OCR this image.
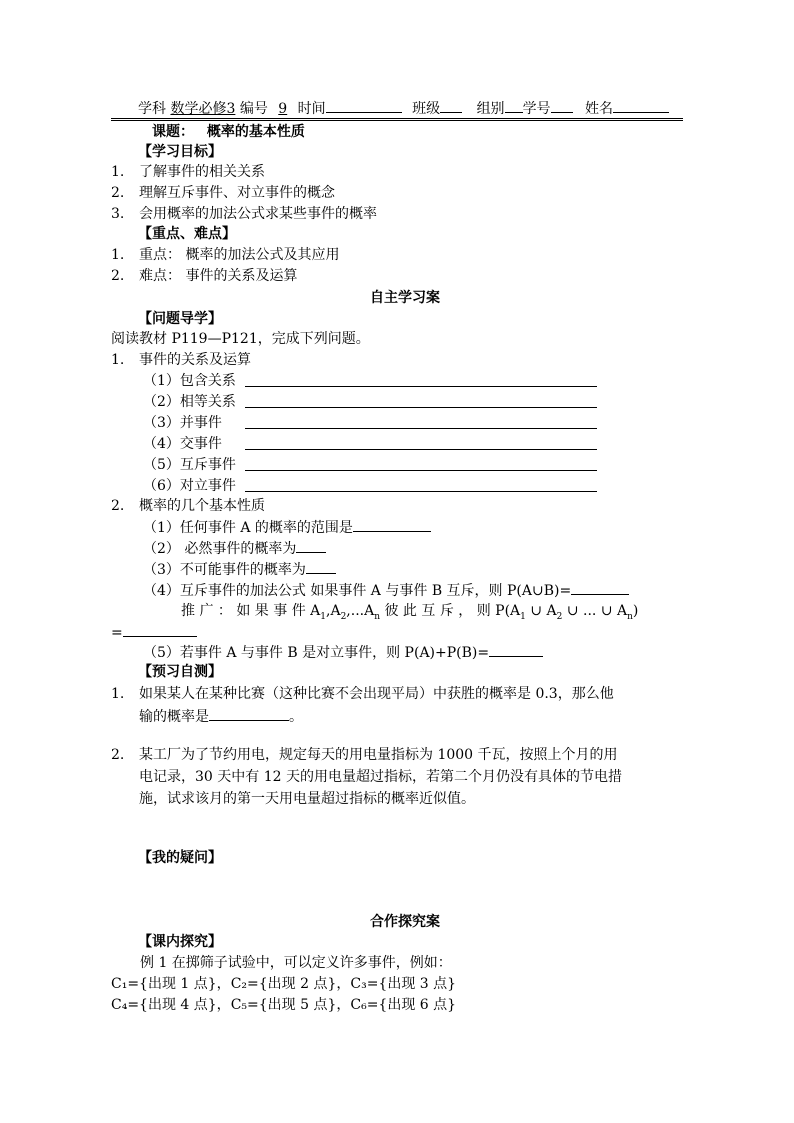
学科 数学必修3 编号 9 时间	班级	组别 学号 姓名
课题： 概率的基本性质
【学习目标】
1. 了解事件的相关关系
2. 理解互斥事件、对立事件的概念
3. 会用概率的加法公式求某些事件的概率
【重点、难点】
1. 重点： 概率的加法公式及其应用
2. 难点： 事件的关系及运算
自主学习案
【问题导学】
阅读教材 P119—P121，完成下列问题。
1. 事件的关系及运算
（1）包含关系
（2）相等关系
（3）并事件
（4）交事件
（5）互斥事件
（6）对立事件
2. 概率的几个基本性质
（1）任何事件 A 的概率的范围是
（2） 必然事件的概率为
（3）不可能事件的概率为
（4）互斥事件的加法公式 如果事件 A 与事件 B 互斥，则 P(A∪B)=
推 广 ： 如 果 事 件 $A_1,A_2,...A_n$ 彼 此 互 斥 ， 则 $P(A_1$ ∪ $A_2$ ∪ ... ∪ $A_n$)
=
（5）若事件 A 与事件 B 是对立事件，则 P(A)+P(B)=
【预习自测】
1. 如果某人在某种比赛（这种比赛不会出现平局）中获胜的概率是 0.3，那么他
输的概率是	。
2. 某工厂为了节约用电，规定每天的用电量指标为 1000 千瓦，按照上个月的用
电记录，30 天中有 12 天的用电量超过指标，若第二个月仍没有具体的节电措
施，试求该月的第一天用电量超过指标的概率近似值。
【我的疑问】
合作探究案
【课内探究】
例 1 在掷筛子试验中，可以定义许多事件，例如：
C₁={出现 1 点}，C₂={出现 2 点}，C₃={出现 3 点}
C₄={出现 4 点}，C₅={出现 5 点}，C₆={出现 6 点}
